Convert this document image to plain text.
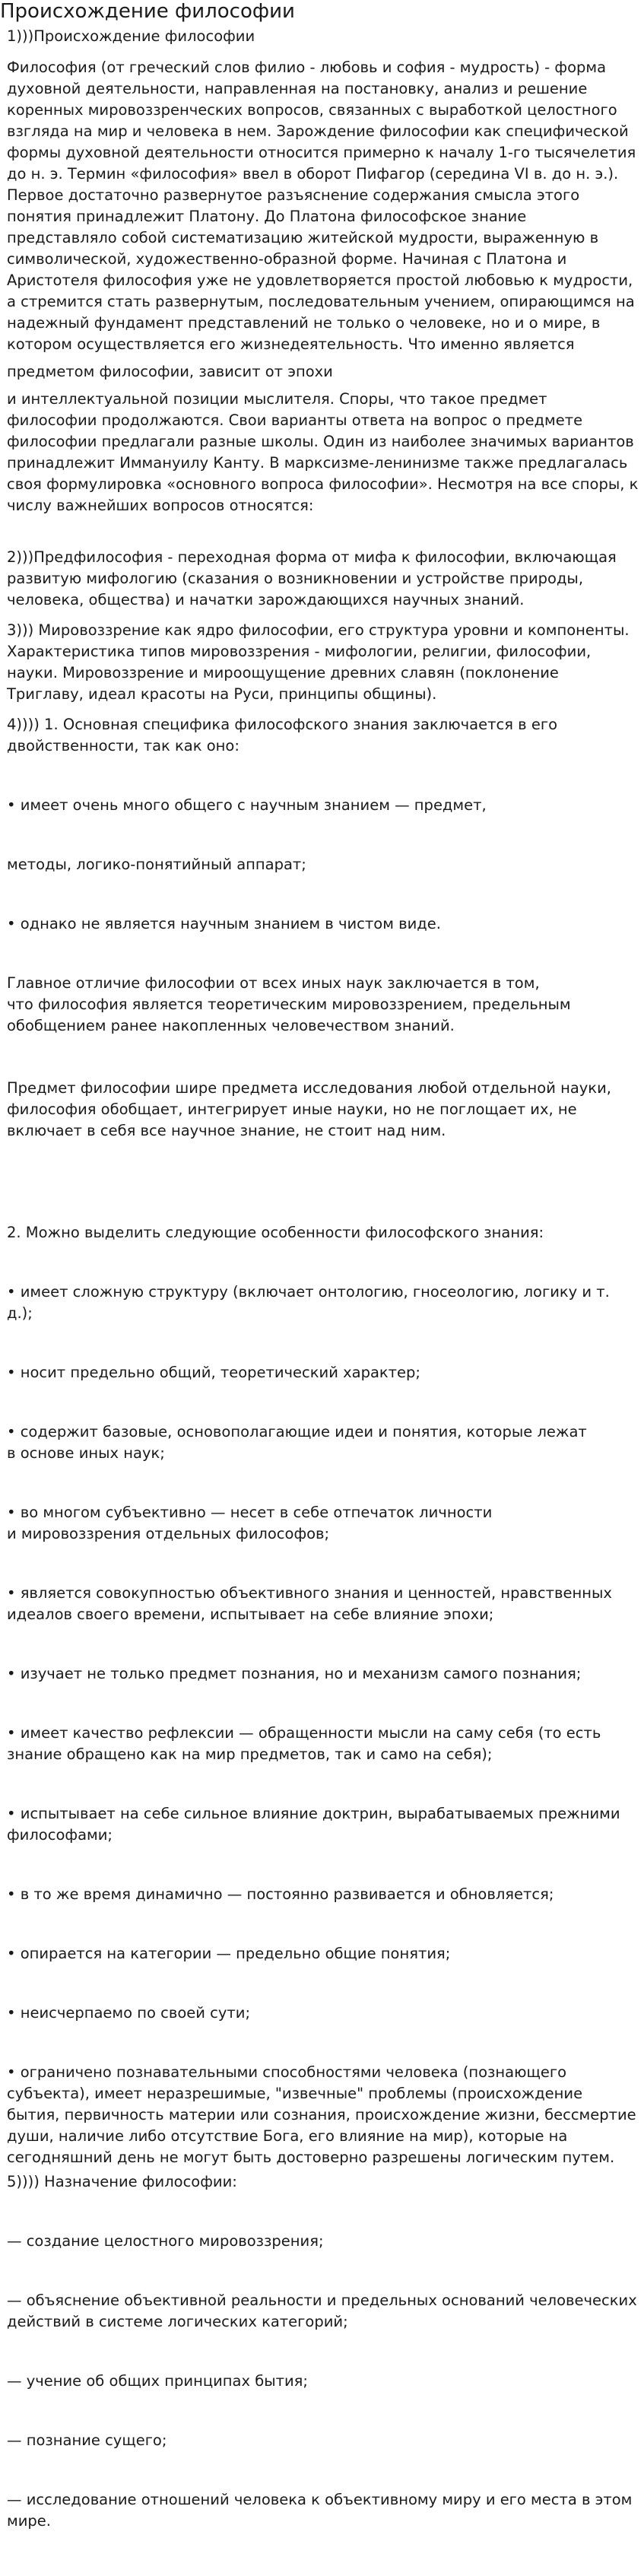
Происхождение философии

1)))Происхождение философии

Философия (от греческий слов филио - любовь и софия - мудрость) - форма духовной деятельности, направленная на постановку, анализ и решение коренных мировоззренческих вопросов, связанных с выработкой целостного взгляда на мир и человека в нем. Зарождение философии как специфической формы духовной деятельности относится примерно к началу 1-го тысячелетия до н. э. Термин «философия» ввел в оборот Пифагор (середина VI в. до н. э.). Первое достаточно развернутое разъяснение содержания смысла этого понятия принадлежит Платону. До Платона философское знание представляло собой систематизацию житейской мудрости, выраженную в символической, художественно-образной форме. Начиная с Платона и Аристотеля философия уже не удовлетворяется простой любовью к мудрости, а стремится стать развернутым, последовательным учением, опирающимся на надежный фундамент представлений не только о человеке, но и о мире, в котором осуществляется его жизнедеятельность. Что именно является

предметом философии, зависит от эпохи

и интеллектуальной позиции мыслителя. Споры, что такое предмет философии продолжаются. Свои варианты ответа на вопрос о предмете философии предлагали разные школы. Один из наиболее значимых вариантов принадлежит Иммануилу Канту. В марксизме-ленинизме также предлагалась своя формулировка «основного вопроса философии». Несмотря на все споры, к числу важнейших вопросов относятся:

2)))Предфилософия - переходная форма от мифа к философии, включающая развитую мифологию (сказания о возникновении и устройстве природы, человека, общества) и начатки зарождающихся научных знаний.

3))) Мировоззрение как ядро философии, его структура уровни и компоненты. Характеристика типов мировоззрения - мифологии, религии, философии, науки. Мировоззрение и мироощущение древних славян (поклонение Триглаву, идеал красоты на Руси, принципы общины).

4)))) 1. Основная специфика философского знания заключается в его двойственности, так как оно:

• имеет очень много общего с научным знанием — предмет,

методы, логико-понятийный аппарат;

• однако не является научным знанием в чистом виде.

Главное отличие философии от всех иных наук заключается в том,
что философия является теоретическим мировоззрением, предельным обобщением ранее накопленных человечеством знаний.

Предмет философии шире предмета исследования любой отдельной науки, философия обобщает, интегрирует иные науки, но не поглощает их, не включает в себя все научное знание, не стоит над ним.

2. Можно выделить следующие особенности философского знания:

• имеет сложную структуру (включает онтологию, гносеологию, логику и т. д.);

• носит предельно общий, теоретический характер;

• содержит базовые, основополагающие идеи и понятия, которые лежат
в основе иных наук;

• во многом субъективно — несет в себе отпечаток личности
и мировоззрения отдельных философов;

• является совокупностью объективного знания и ценностей, нравственных идеалов своего времени, испытывает на себе влияние эпохи;

• изучает не только предмет познания, но и механизм самого познания;

• имеет качество рефлексии — обращенности мысли на саму себя (то есть знание обращено как на мир предметов, так и само на себя);

• испытывает на себе сильное влияние доктрин, вырабатываемых прежними философами;

• в то же время динамично — постоянно развивается и обновляется;

• опирается на категории — предельно общие понятия;

• неисчерпаемо по своей сути;

• ограничено познавательными способностями человека (познающего субъекта), имеет неразрешимые, "извечные" проблемы (происхождение бытия, первичность материи или сознания, происхождение жизни, бессмертие души, наличие либо отсутствие Бога, его влияние на мир), которые на сегодняшний день не могут быть достоверно разрешены логическим путем.

5)))) Назначение философии:

— создание целостного мировоззрения;

— объяснение объективной реальности и предельных оснований человеческих действий в системе логических категорий;

— учение об общих принципах бытия;

— познание сущего;

— исследование отношений человека к объективному миру и его места в этом мире.
